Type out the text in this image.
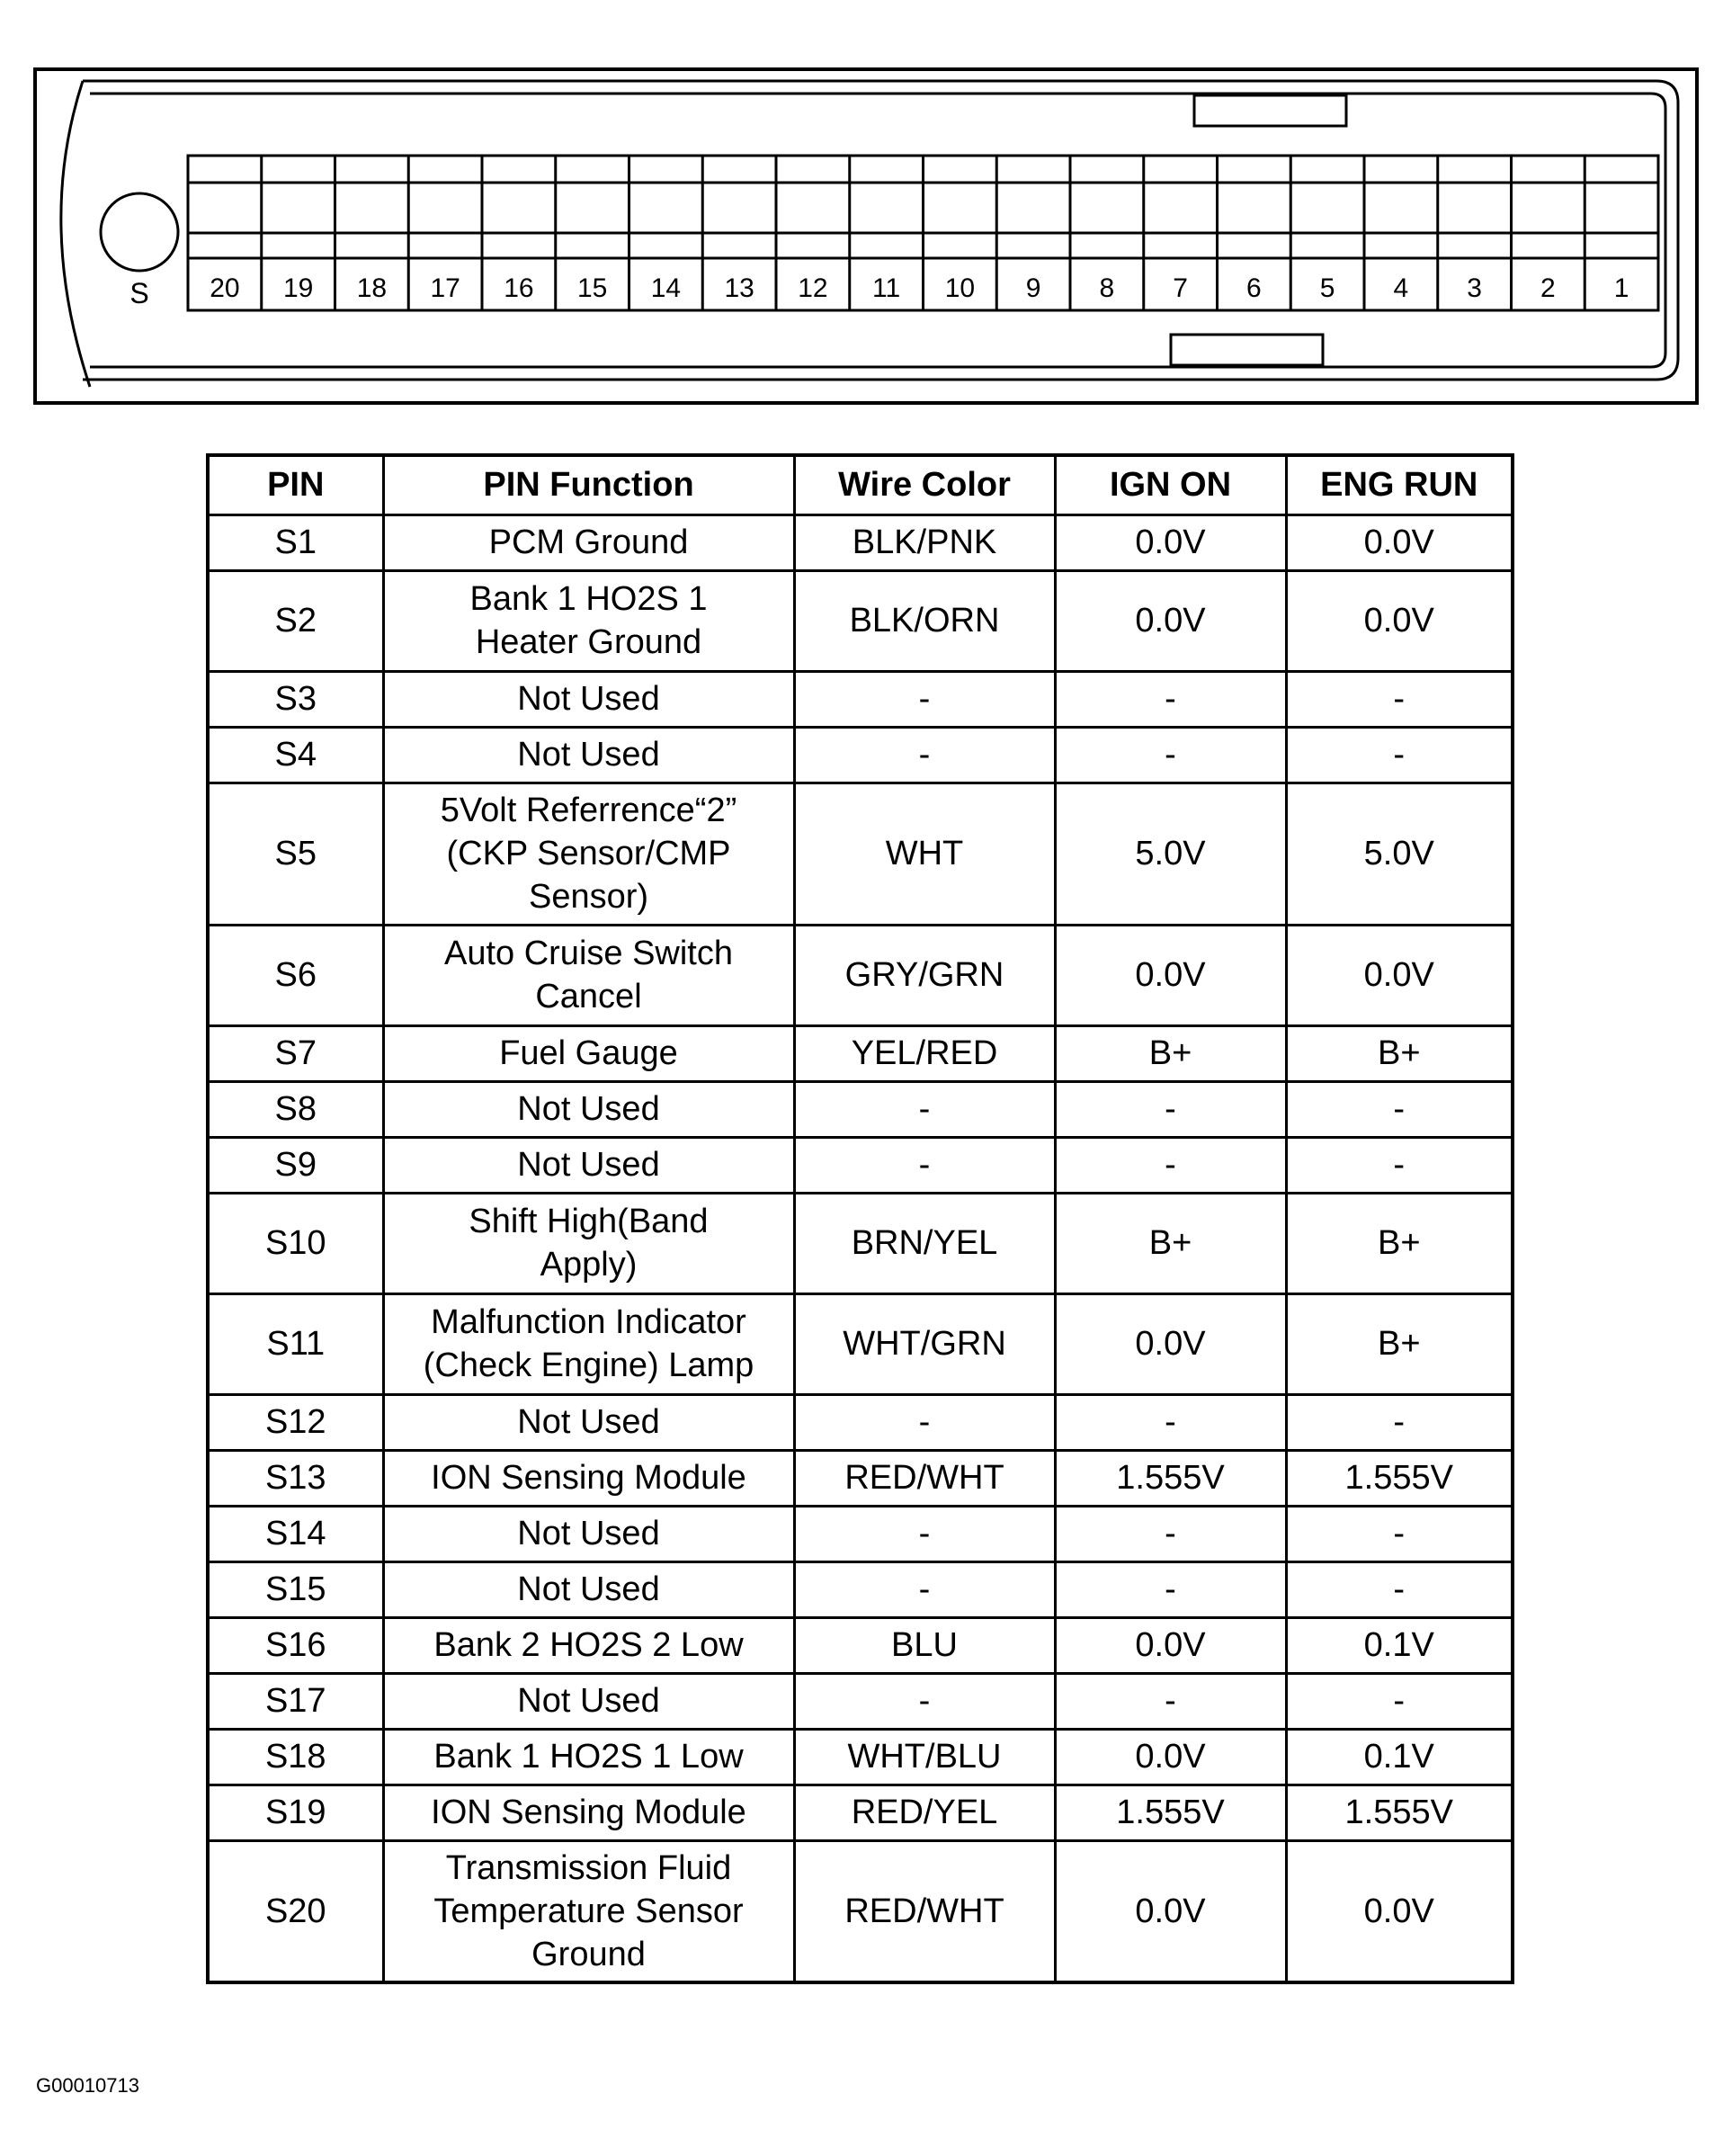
S 20 19 18 17 16 15 14 13 12 11 10 9 8 7 6 5 4 3 2 1
PIN	PIN Function	Wire Color	IGN ON	ENG RUN
S1	PCM Ground	BLK/PNK	0.0V	0.0V
S2	Bank 1 HO2S 1
Heater Ground	BLK/ORN	0.0V	0.0V
S3	Not Used	-	-	-
S4	Not Used	-	-	-
S5	5Volt Referrence“2”
(CKP Sensor/CMP
Sensor)	WHT	5.0V	5.0V
S6	Auto Cruise Switch
Cancel	GRY/GRN	0.0V	0.0V
S7	Fuel Gauge	YEL/RED	B+	B+
S8	Not Used	-	-	-
S9	Not Used	-	-	-
S10	Shift High(Band
Apply)	BRN/YEL	B+	B+
S11	Malfunction Indicator
(Check Engine) Lamp	WHT/GRN	0.0V	B+
S12	Not Used	-	-	-
S13	ION Sensing Module	RED/WHT	1.555V	1.555V
S14	Not Used	-	-	-
S15	Not Used	-	-	-
S16	Bank 2 HO2S 2 Low	BLU	0.0V	0.1V
S17	Not Used	-	-	-
S18	Bank 1 HO2S 1 Low	WHT/BLU	0.0V	0.1V
S19	ION Sensing Module	RED/YEL	1.555V	1.555V
S20	Transmission Fluid
Temperature Sensor
Ground	RED/WHT	0.0V	0.0V
G00010713
